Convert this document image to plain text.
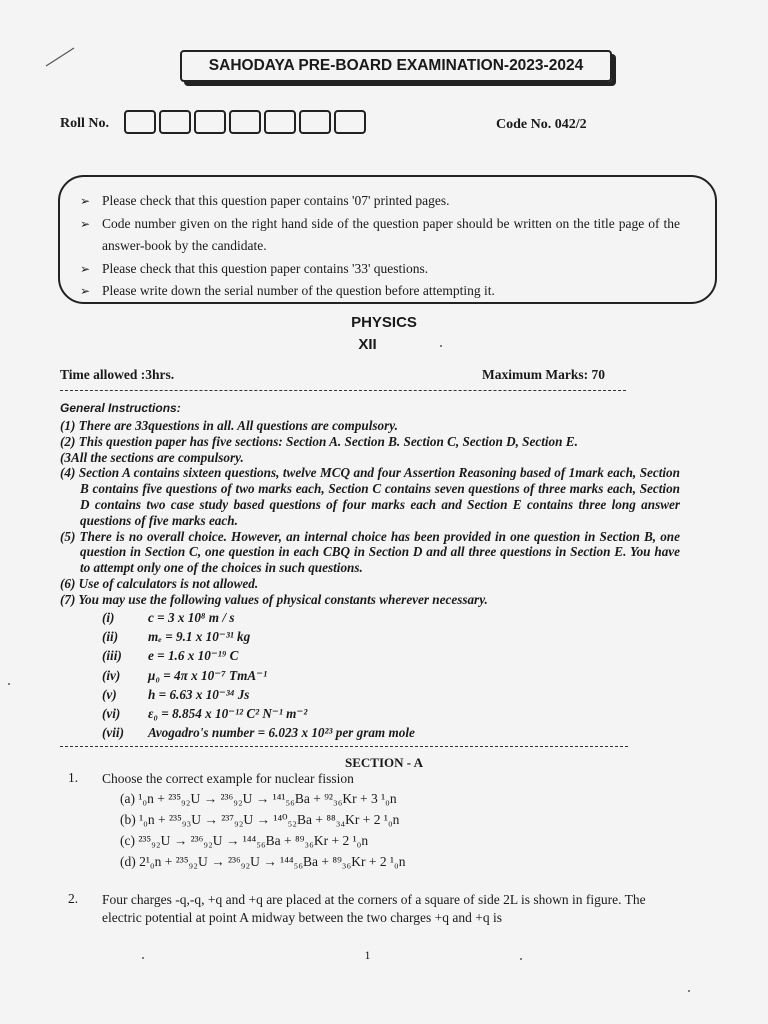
SAHODAYA PRE-BOARD EXAMINATION-2023-2024
Roll No.	Code No. 042/2
➢ Please check that this question paper contains '07' printed pages.
➢ Code number given on the right hand side of the question paper should be written on the title page of the answer-book by the candidate.
➢ Please check that this question paper contains '33' questions.
➢ Please write down the serial number of the question before attempting it.
PHYSICS
XII
Time allowed :3hrs.	Maximum Marks: 70
General Instructions:
(1) There are 33questions in all. All questions are compulsory.
(2) This question paper has five sections: Section A. Section B. Section C, Section D, Section E.
(3All the sections are compulsory.
(4) Section A contains sixteen questions, twelve MCQ and four Assertion Reasoning based of 1mark each, Section B contains five questions of two marks each, Section C contains seven questions of three marks each, Section D contains two case study based questions of four marks each and Section E contains three long answer questions of five marks each.
(5) There is no overall choice. However, an internal choice has been provided in one question in Section B, one question in Section C, one question in each CBQ in Section D and all three questions in Section E. You have to attempt only one of the choices in such questions.
(6) Use of calculators is not allowed.
(7) You may use the following values of physical constants wherever necessary.
(i)	c = 3 x 10⁸ m / s
(ii)	mₑ = 9.1 x 10⁻³¹ kg
(iii)	e = 1.6 x 10⁻¹⁹ C
(iv)	μ₀ = 4π x 10⁻⁷ TmA⁻¹
(v)	h = 6.63 x 10⁻³⁴ Js
(vi)	ε₀ = 8.854 x 10⁻¹² C² N⁻¹ m⁻²
(vii)	Avogadro's number = 6.023 x 10²³ per gram mole
SECTION - A
1. Choose the correct example for nuclear fission
(a) ¹₀n + ²³⁵₉₂U → ²³⁶₉₂U → ¹⁴¹₅₆Ba + ⁹²₃₆Kr + 3 ¹₀n
(b) ¹₀n + ²³⁵₉₃U → ²³⁷₉₂U → ¹⁴⁰₅₂Ba + ⁸⁸₃₄Kr + 2 ¹₀n
(c) ²³⁵₉₂U → ²³⁶₉₂U → ¹⁴⁴₅₆Ba + ⁸⁹₃₆Kr + 2 ¹₀n
(d) 2¹₀n + ²³⁵₉₂U → ²³⁶₉₂U → ¹⁴⁴₅₆Ba + ⁸⁹₃₆Kr + 2 ¹₀n
2. Four charges -q,-q, +q and +q are placed at the corners of a square of side 2L is shown in figure. The electric potential at point A midway between the two charges +q and +q is
1
